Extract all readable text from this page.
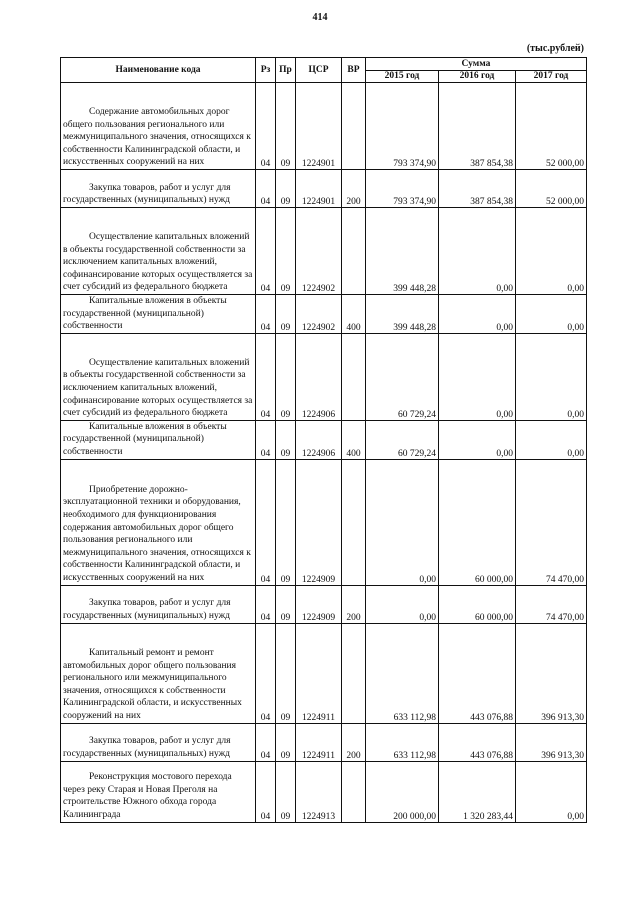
414
(тыс.рублей)
Наименование кода	Рз	Пр	ЦСР	ВР	Сумма		
					2015 год	2016 год	2017 год

Содержание автомобильных дорог общего пользования регионального или межмуниципального значения, относящихся к собственности Калининградской области, и искусственных сооружений на них	04	09	1224901		793 374,90	387 854,38	52 000,00

Закупка товаров, работ и услуг для государственных (муниципальных) нужд	04	09	1224901	200	793 374,90	387 854,38	52 000,00

Осуществление капитальных вложений в объекты государственной собственности за исключением капитальных вложений, софинансирование которых осуществляется за счет субсидий из федерального бюджета	04	09	1224902		399 448,28	0,00	0,00

Капитальные вложения в объекты государственной (муниципальной) собственности	04	09	1224902	400	399 448,28	0,00	0,00

Осуществление капитальных вложений в объекты государственной собственности за исключением капитальных вложений, софинансирование которых осуществляется за счет субсидий из федерального бюджета	04	09	1224906		60 729,24	0,00	0,00

Капитальные вложения в объекты государственной (муниципальной) собственности	04	09	1224906	400	60 729,24	0,00	0,00

Приобретение дорожно-эксплуатационной техники и оборудования, необходимого для функционирования содержания автомобильных дорог общего пользования регионального или межмуниципального значения, относящихся к собственности Калининградской области, и искусственных сооружений на них	04	09	1224909		0,00	60 000,00	74 470,00

Закупка товаров, работ и услуг для государственных (муниципальных) нужд	04	09	1224909	200	0,00	60 000,00	74 470,00

Капитальный ремонт и ремонт автомобильных дорог общего пользования регионального или межмуниципального значения, относящихся к собственности Калининградской области, и искусственных сооружений на них	04	09	1224911		633 112,98	443 076,88	396 913,30

Закупка товаров, работ и услуг для государственных (муниципальных) нужд	04	09	1224911	200	633 112,98	443 076,88	396 913,30

Реконструкция мостового перехода через реку Старая и Новая Преголя на строительстве Южного обхода города Калининграда	04	09	1224913		200 000,00	1 320 283,44	0,00
